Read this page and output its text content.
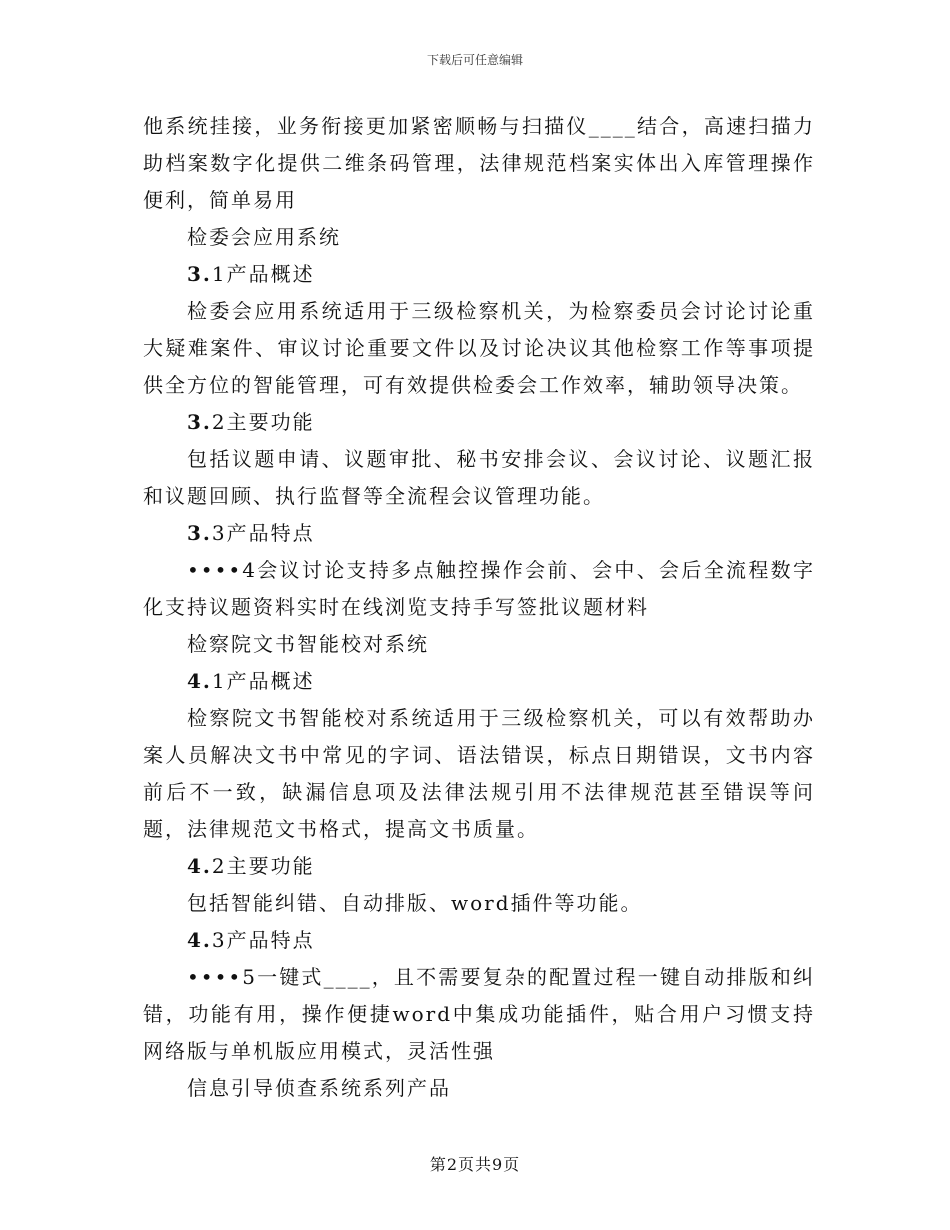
下载后可任意编辑

他系统挂接，业务衔接更加紧密顺畅与扫描仪____结合，高速扫描力助档案数字化提供二维条码管理，法律规范档案实体出入库管理操作便利，简单易用

检委会应用系统

3.1产品概述

检委会应用系统适用于三级检察机关，为检察委员会讨论讨论重大疑难案件、审议讨论重要文件以及讨论决议其他检察工作等事项提供全方位的智能管理，可有效提供检委会工作效率，辅助领导决策。

3.2主要功能

包括议题申请、议题审批、秘书安排会议、会议讨论、议题汇报和议题回顾、执行监督等全流程会议管理功能。

3.3产品特点

••••4会议讨论支持多点触控操作会前、会中、会后全流程数字化支持议题资料实时在线浏览支持手写签批议题材料

检察院文书智能校对系统

4.1产品概述

检察院文书智能校对系统适用于三级检察机关，可以有效帮助办案人员解决文书中常见的字词、语法错误，标点日期错误，文书内容前后不一致，缺漏信息项及法律法规引用不法律规范甚至错误等问题，法律规范文书格式，提高文书质量。

4.2主要功能

包括智能纠错、自动排版、word插件等功能。

4.3产品特点

••••5一键式____，且不需要复杂的配置过程一键自动排版和纠错，功能有用，操作便捷word中集成功能插件，贴合用户习惯支持网络版与单机版应用模式，灵活性强

信息引导侦查系统系列产品

第2页共9页
